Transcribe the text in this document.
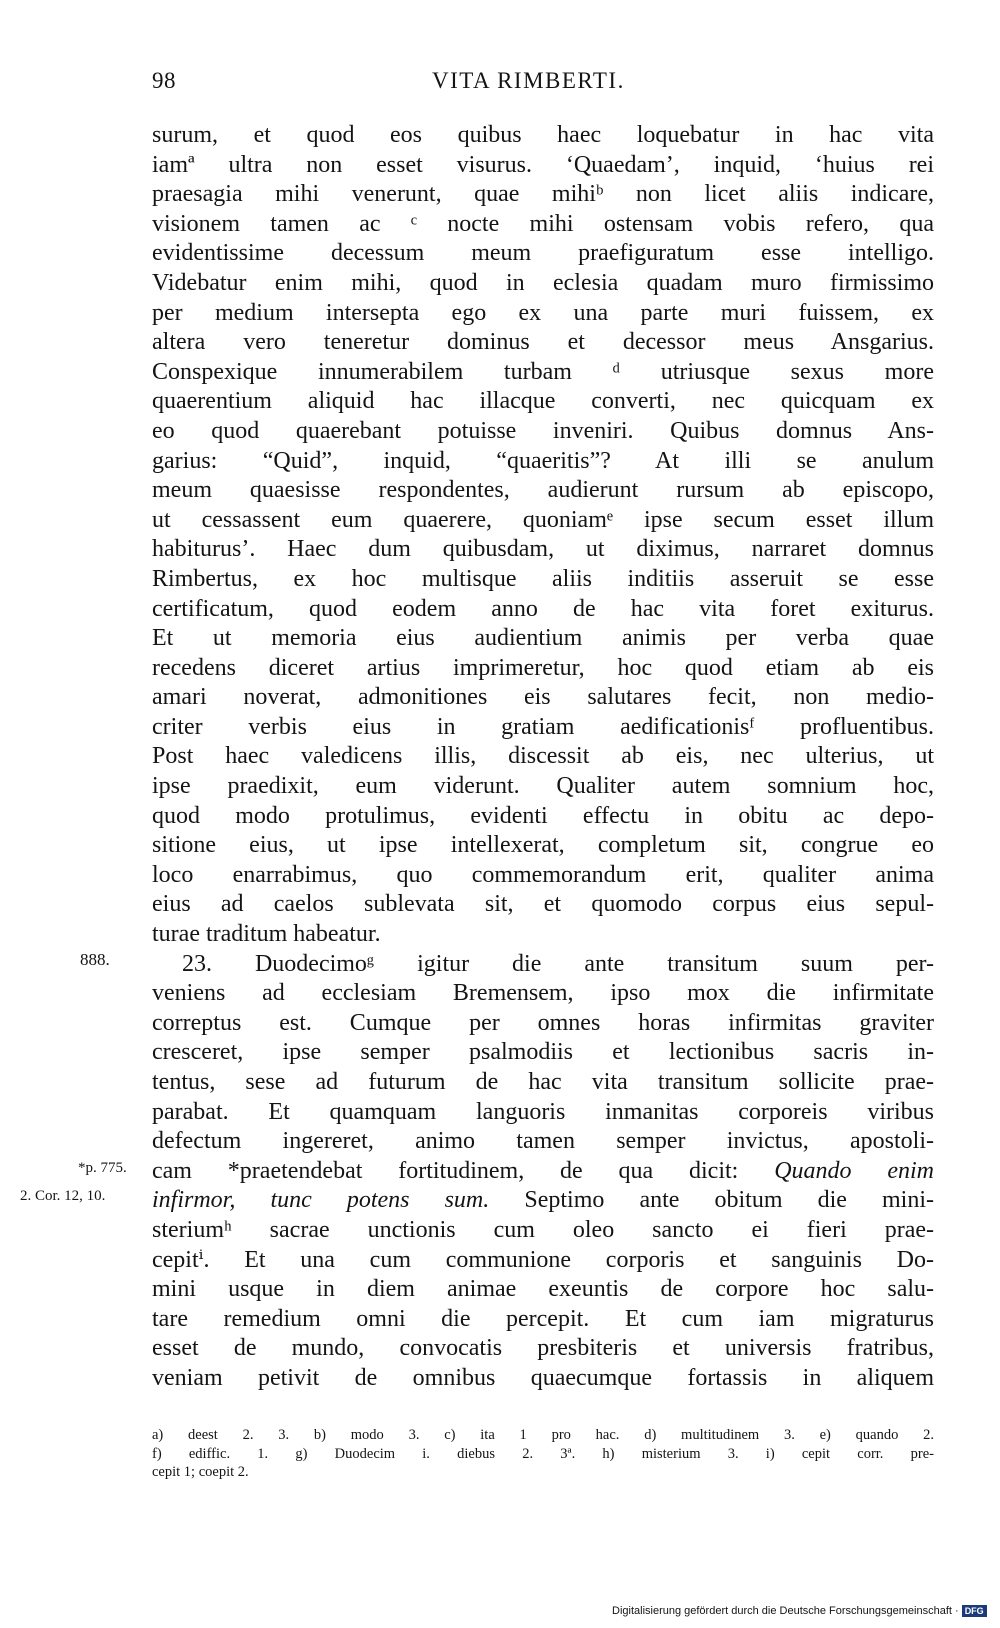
98	VITA RIMBERTI.
surum, et quod eos quibus haec loquebatur in hac vita
iamª ultra non esset visurus. ‘Quaedam’, inquid, ‘huius rei
praesagia mihi venerunt, quae mihiᵇ non licet aliis indicare,
visionem tamen ac ᶜ nocte mihi ostensam vobis refero, qua
evidentissime decessum meum praefiguratum esse intelligo.
Videbatur enim mihi, quod in eclesia quadam muro firmissimo
per medium intersepta ego ex una parte muri fuissem, ex
altera vero teneretur dominus et decessor meus Ansgarius.
Conspexique innumerabilem turbam ᵈ utriusque sexus more
quaerentium aliquid hac illacque converti, nec quicquam ex
eo quod quaerebant potuisse inveniri. Quibus domnus Ans-
garius: “Quid”, inquid, “quaeritis”? At illi se anulum
meum quaesisse respondentes, audierunt rursum ab episcopo,
ut cessassent eum quaerere, quoniamᵉ ipse secum esset illum
habiturus’. Haec dum quibusdam, ut diximus, narraret domnus
Rimbertus, ex hoc multisque aliis inditiis asseruit se esse
certificatum, quod eodem anno de hac vita foret exiturus.
Et ut memoria eius audientium animis per verba quae
recedens diceret artius imprimeretur, hoc quod etiam ab eis
amari noverat, admonitiones eis salutares fecit, non medio-
criter verbis eius in gratiam aedificationisᶠ profluentibus.
Post haec valedicens illis, discessit ab eis, nec ulterius, ut
ipse praedixit, eum viderunt. Qualiter autem somnium hoc,
quod modo protulimus, evidenti effectu in obitu ac depo-
sitione eius, ut ipse intellexerat, completum sit, congrue eo
loco enarrabimus, quo commemorandum erit, qualiter anima
eius ad caelos sublevata sit, et quomodo corpus eius sepul-
turae traditum habeatur.
23. Duodecimoᵍ igitur die ante transitum suum per-
veniens ad ecclesiam Bremensem, ipso mox die infirmitate
correptus est. Cumque per omnes horas infirmitas graviter
cresceret, ipse semper psalmodiis et lectionibus sacris in-
tentus, sese ad futurum de hac vita transitum sollicite prae-
parabat. Et quamquam languoris inmanitas corporeis viribus
defectum ingereret, animo tamen semper invictus, apostoli-
cam *praetendebat fortitudinem, de qua dicit: Quando enim
infirmor, tunc potens sum. Septimo ante obitum die mini-
steriumʰ sacrae unctionis cum oleo sancto ei fieri prae-
cepitⁱ. Et una cum communione corporis et sanguinis Do-
mini usque in diem animae exeuntis de corpore hoc salu-
tare remedium omni die percepit. Et cum iam migraturus
esset de mundo, convocatis presbiteris et universis fratribus,
veniam petivit de omnibus quaecumque fortassis in aliquem
888.
*p. 775.
2. Cor. 12, 10.
a) deest 2. 3. b) modo 3. c) ita 1 pro hac. d) multitudinem 3. e) quando 2.
f) ediffic. 1. g) Duodecim i. diebus 2. 3ª. h) misterium 3. i) cepit corr. pre-
cepit 1; coepit 2.
Digitalisierung gefördert durch die Deutsche Forschungsgemeinschaft · DFG
